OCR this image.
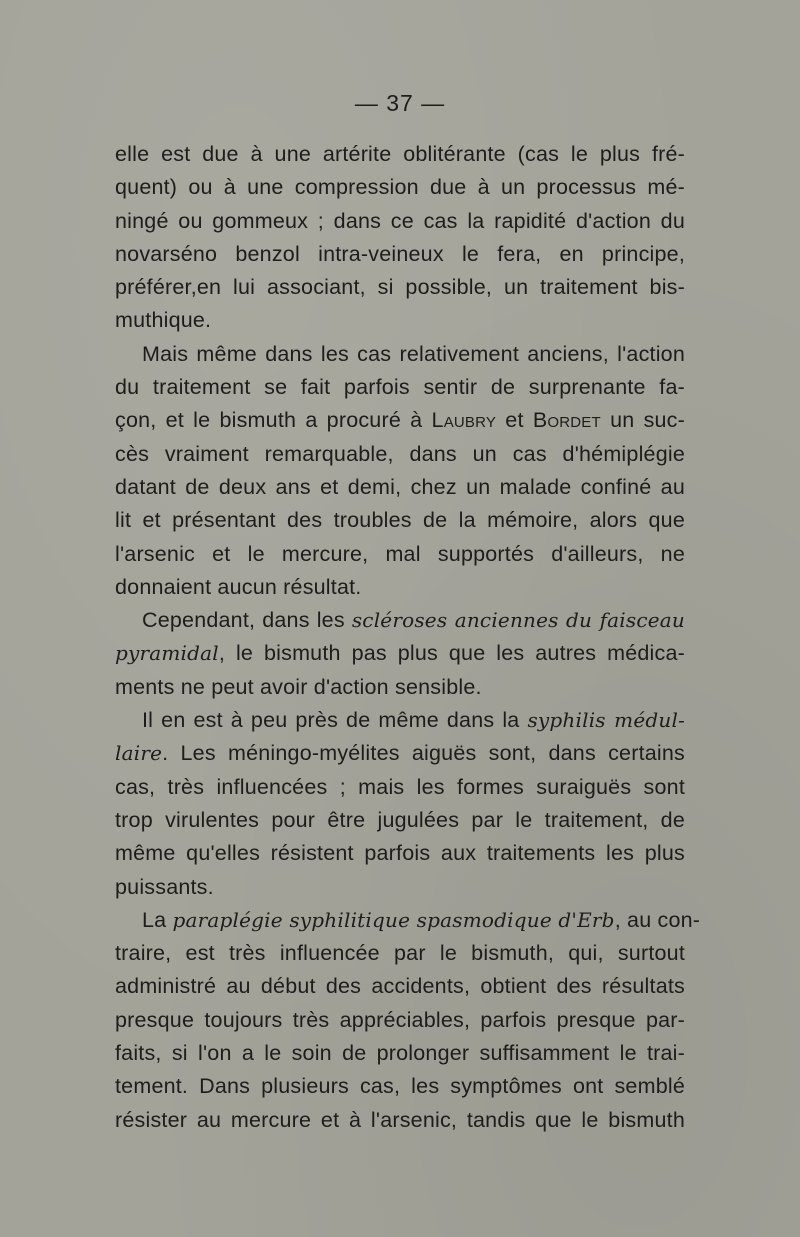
— 37 —
elle est due à une artérite oblitérante (cas le plus fré-
quent) ou à une compression due à un processus mé-
ningé ou gommeux ; dans ce cas la rapidité d'action du
novarséno benzol intra-veineux le fera, en principe,
préférer,en lui associant, si possible, un traitement bis-
muthique.
Mais même dans les cas relativement anciens, l'action
du traitement se fait parfois sentir de surprenante fa-
çon, et le bismuth a procuré à Laubry et Bordet un suc-
cès vraiment remarquable, dans un cas d'hémiplégie
datant de deux ans et demi, chez un malade confiné au
lit et présentant des troubles de la mémoire, alors que
l'arsenic et le mercure, mal supportés d'ailleurs, ne
donnaient aucun résultat.
Cependant, dans les scléroses anciennes du faisceau
pyramidal, le bismuth pas plus que les autres médica-
ments ne peut avoir d'action sensible.
Il en est à peu près de même dans la syphilis médul-
laire. Les méningo-myélites aiguës sont, dans certains
cas, très influencées ; mais les formes suraiguës sont
trop virulentes pour être jugulées par le traitement, de
même qu'elles résistent parfois aux traitements les plus
puissants.
La paraplégie syphilitique spasmodique d'Erb, au con-
traire, est très influencée par le bismuth, qui, surtout
administré au début des accidents, obtient des résultats
presque toujours très appréciables, parfois presque par-
faits, si l'on a le soin de prolonger suffisamment le trai-
tement. Dans plusieurs cas, les symptômes ont semblé
résister au mercure et à l'arsenic, tandis que le bismuth
